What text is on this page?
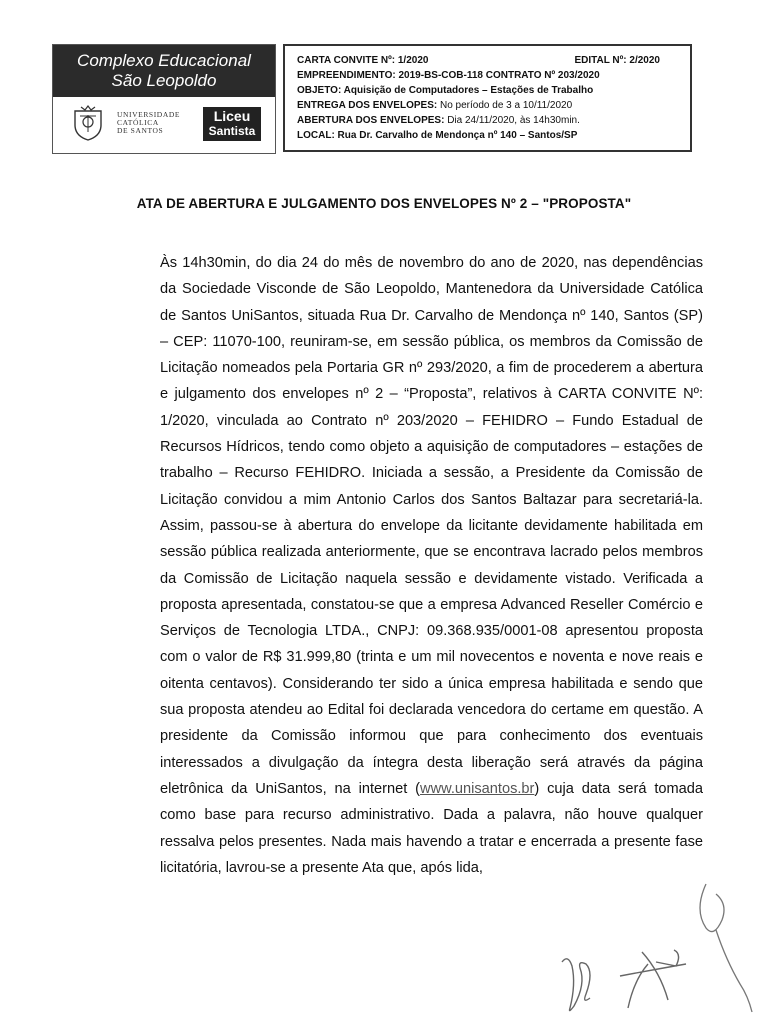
Complexo Educacional
São Leopoldo
UNIVERSIDADE
CATÓLICA
DE SANTOS
Liceu
Santista
CARTA CONVITE Nº: 1/2020	EDITAL Nº: 2/2020
EMPREENDIMENTO: 2019-BS-COB-118 CONTRATO Nº 203/2020
OBJETO: Aquisição de Computadores – Estações de Trabalho
ENTREGA DOS ENVELOPES: No período de 3 a 10/11/2020
ABERTURA DOS ENVELOPES: Dia 24/11/2020, às 14h30min.
LOCAL: Rua Dr. Carvalho de Mendonça nº 140 – Santos/SP
ATA DE ABERTURA E JULGAMENTO DOS ENVELOPES Nº 2 – "PROPOSTA"

Às 14h30min, do dia 24 do mês de novembro do ano de 2020, nas dependências da Sociedade Visconde de São Leopoldo, Mantenedora da Universidade Católica de Santos UniSantos, situada Rua Dr. Carvalho de Mendonça nº 140, Santos (SP) – CEP: 11070-100, reuniram-se, em sessão pública, os membros da Comissão de Licitação nomeados pela Portaria GR nº 293/2020, a fim de procederem a abertura e julgamento dos envelopes nº 2 – “Proposta”, relativos à CARTA CONVITE Nº: 1/2020, vinculada ao Contrato nº 203/2020 – FEHIDRO – Fundo Estadual de Recursos Hídricos, tendo como objeto a aquisição de computadores – estações de trabalho – Recurso FEHIDRO. Iniciada a sessão, a Presidente da Comissão de Licitação convidou a mim Antonio Carlos dos Santos Baltazar para secretariá-la. Assim, passou-se à abertura do envelope da licitante devidamente habilitada em sessão pública realizada anteriormente, que se encontrava lacrado pelos membros da Comissão de Licitação naquela sessão e devidamente vistado. Verificada a proposta apresentada, constatou-se que a empresa Advanced Reseller Comércio e Serviços de Tecnologia LTDA., CNPJ: 09.368.935/0001-08 apresentou proposta com o valor de R$ 31.999,80 (trinta e um mil novecentos e noventa e nove reais e oitenta centavos). Considerando ter sido a única empresa habilitada e sendo que sua proposta atendeu ao Edital foi declarada vencedora do certame em questão. A presidente da Comissão informou que para conhecimento dos eventuais interessados a divulgação da íntegra desta liberação será através da página eletrônica da UniSantos, na internet (www.unisantos.br) cuja data será tomada como base para recurso administrativo. Dada a palavra, não houve qualquer ressalva pelos presentes. Nada mais havendo a tratar e encerrada a presente fase licitatória, lavrou-se a presente Ata que, após lida,
